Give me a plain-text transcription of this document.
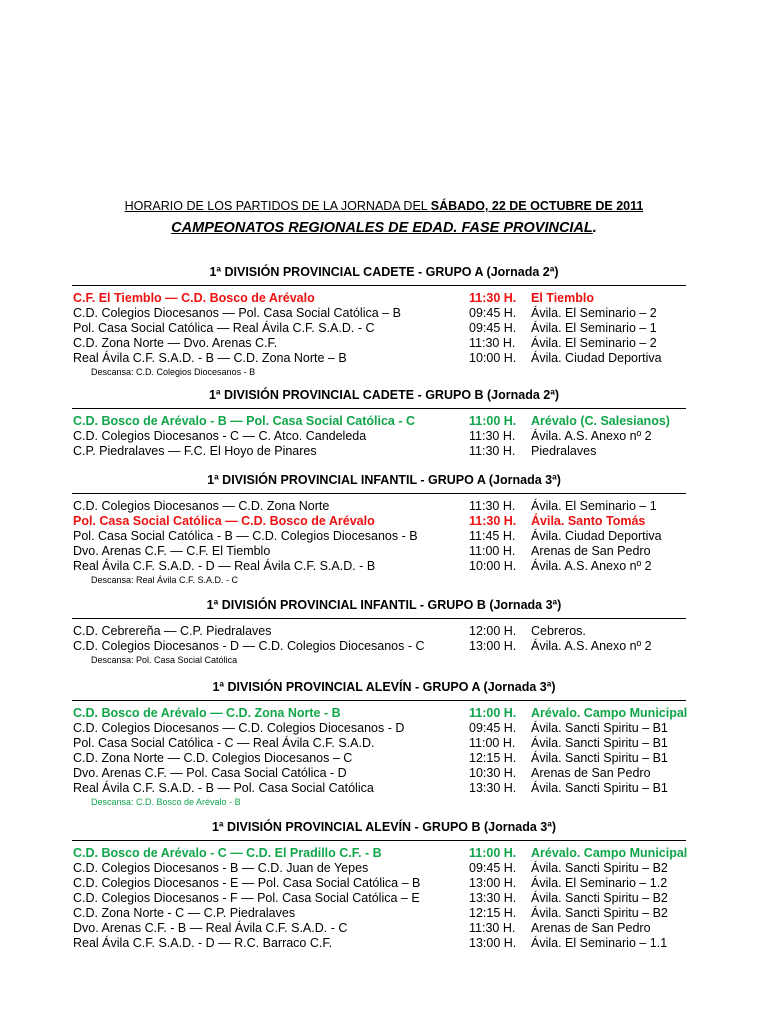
HORARIO DE LOS PARTIDOS DE LA JORNADA DEL SÁBADO, 22 DE OCTUBRE DE 2011
CAMPEONATOS REGIONALES DE EDAD. FASE PROVINCIAL.
1ª DIVISIÓN PROVINCIAL CADETE - GRUPO A (Jornada 2ª)
C.F. El Tiemblo — C.D. Bosco de Arévalo	11:30 H. El Tiemblo
C.D. Colegios Diocesanos — Pol. Casa Social Católica – B	09:45 H. Ávila. El Seminario – 2
Pol. Casa Social Católica — Real Ávila C.F. S.A.D. - C	09:45 H. Ávila. El Seminario – 1
C.D. Zona Norte — Dvo. Arenas C.F.	11:30 H. Ávila. El Seminario – 2
Real Ávila C.F. S.A.D. - B — C.D. Zona Norte – B	10:00 H. Ávila. Ciudad Deportiva
Descansa: C.D. Colegios Diocesanos - B
1ª DIVISIÓN PROVINCIAL CADETE - GRUPO B (Jornada 2ª)
C.D. Bosco de Arévalo - B — Pol. Casa Social Católica - C	11:00 H. Arévalo (C. Salesianos)
C.D. Colegios Diocesanos - C — C. Atco. Candeleda	11:30 H. Ávila. A.S. Anexo nº 2
C.P. Piedralaves — F.C. El Hoyo de Pinares	11:30 H. Piedralaves
1ª DIVISIÓN PROVINCIAL INFANTIL - GRUPO A (Jornada 3ª)
C.D. Colegios Diocesanos — C.D. Zona Norte	11:30 H. Ávila. El Seminario – 1
Pol. Casa Social Católica — C.D. Bosco de Arévalo	11:30 H. Ávila. Santo Tomás
Pol. Casa Social Católica - B — C.D. Colegios Diocesanos - B	11:45 H. Ávila. Ciudad Deportiva
Dvo. Arenas C.F. — C.F. El Tiemblo	11:00 H. Arenas de San Pedro
Real Ávila C.F. S.A.D. - D — Real Ávila C.F. S.A.D. - B	10:00 H. Ávila. A.S. Anexo nº 2
Descansa: Real Ávila C.F. S.A.D. - C
1ª DIVISIÓN PROVINCIAL INFANTIL - GRUPO B (Jornada 3ª)
C.D. Cebrereña — C.P. Piedralaves	12:00 H. Cebreros.
C.D. Colegios Diocesanos - D — C.D. Colegios Diocesanos - C	13:00 H. Ávila. A.S. Anexo nº 2
Descansa: Pol. Casa Social Católica
1ª DIVISIÓN PROVINCIAL ALEVÍN - GRUPO A (Jornada 3ª)
C.D. Bosco de Arévalo — C.D. Zona Norte - B	11:00 H. Arévalo. Campo Municipal
C.D. Colegios Diocesanos — C.D. Colegios Diocesanos - D	09:45 H. Ávila. Sancti Spiritu – B1
Pol. Casa Social Católica - C — Real Ávila C.F. S.A.D.	11:00 H. Ávila. Sancti Spiritu – B1
C.D. Zona Norte — C.D. Colegios Diocesanos – C	12:15 H. Ávila. Sancti Spiritu – B1
Dvo. Arenas C.F. — Pol. Casa Social Católica - D	10:30 H. Arenas de San Pedro
Real Ávila C.F. S.A.D. - B — Pol. Casa Social Católica	13:30 H. Ávila. Sancti Spiritu – B1
Descansa: C.D. Bosco de Arévalo - B
1ª DIVISIÓN PROVINCIAL ALEVÍN - GRUPO B (Jornada 3ª)
C.D. Bosco de Arévalo - C — C.D. El Pradillo C.F. - B	11:00 H. Arévalo. Campo Municipal
C.D. Colegios Diocesanos - B — C.D. Juan de Yepes	09:45 H. Ávila. Sancti Spiritu – B2
C.D. Colegios Diocesanos - E — Pol. Casa Social Católica – B	13:00 H. Ávila. El Seminario – 1.2
C.D. Colegios Diocesanos - F — Pol. Casa Social Católica – E	13:30 H. Ávila. Sancti Spiritu – B2
C.D. Zona Norte - C — C.P. Piedralaves	12:15 H. Ávila. Sancti Spiritu – B2
Dvo. Arenas C.F. - B — Real Ávila C.F. S.A.D. - C	11:30 H. Arenas de San Pedro
Real Ávila C.F. S.A.D. - D — R.C. Barraco C.F.	13:00 H. Ávila. El Seminario – 1.1
